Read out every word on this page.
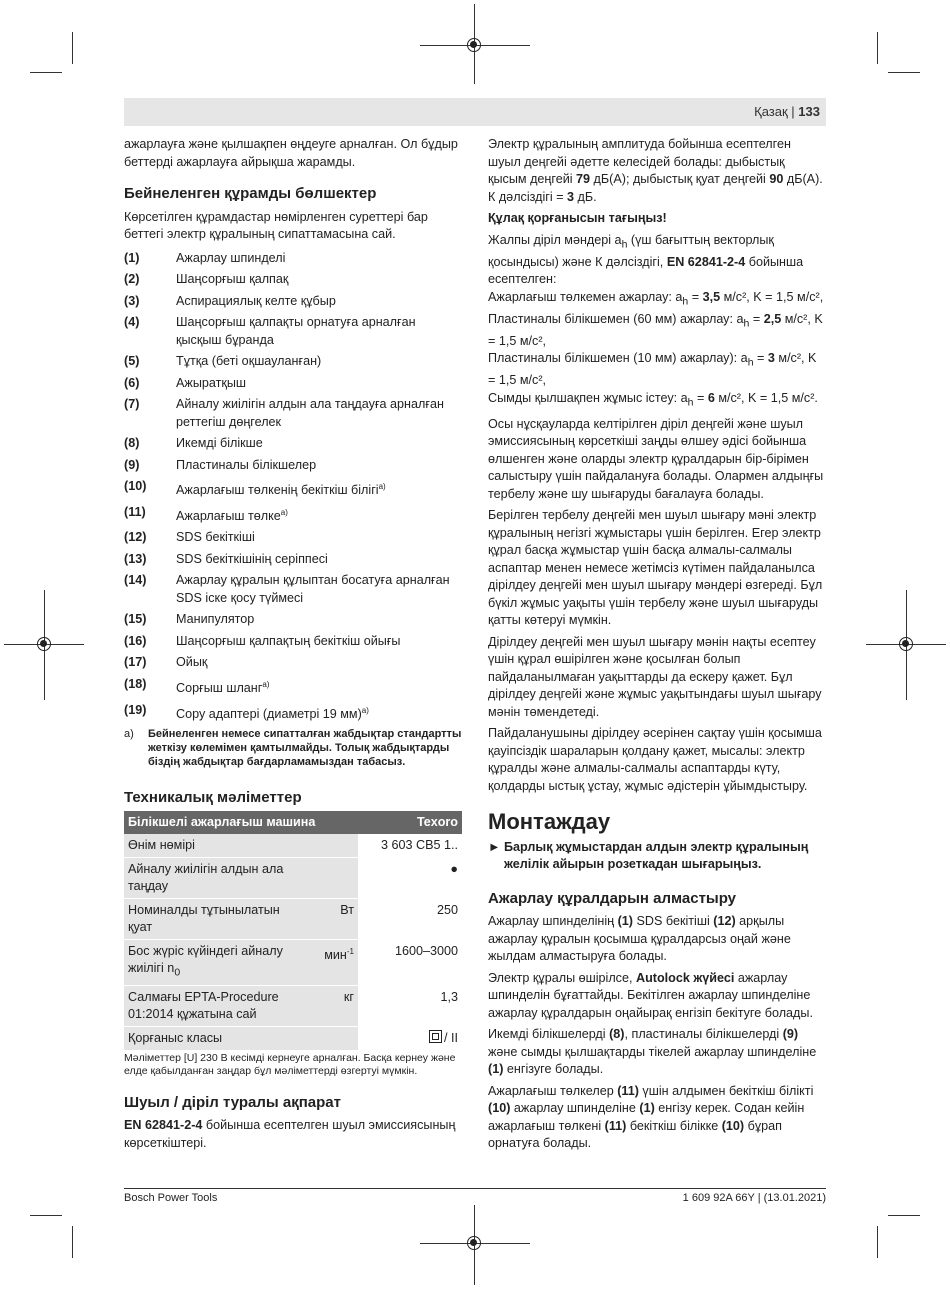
Қазақ | 133

ажарлауға және қылшақпен өңдеуге арналған. Ол бұдыр беттерді ажарлауға айрықша жарамды.

Бейнеленген құрамды бөлшектер

Көрсетілген құрамдастар нөмірленген суреттері бар беттегі электр құралының сипаттамасына сай.

(1)	Ажарлау шпинделі
(2)	Шаңсорғыш қалпақ
(3)	Аспирациялық келте құбыр
(4)	Шаңсорғыш қалпақты орнатуға арналған қысқыш бұранда
(5)	Тұтқа (беті оқшауланған)
(6)	Ажыратқыш
(7)	Айналу жиілігін алдын ала таңдауға арналған реттегіш дөңгелек
(8)	Икемді білікше
(9)	Пластиналы білікшелер
(10)	Ажарлағыш төлкенің бекіткіш білігі$^{a)}$
(11)	Ажарлағыш төлке$^{a)}$
(12)	SDS бекіткіші
(13)	SDS бекіткішінің серіппесі
(14)	Ажарлау құралын құлыптан босатуға арналған SDS іске қосу түймесі
(15)	Манипулятор
(16)	Шаңсорғыш қалпақтың бекіткіш ойығы
(17)	Ойық
(18)	Сорғыш шланг$^{a)}$
(19)	Сору адаптері (диаметрі 19 мм)$^{a)}$
a)	Бейнеленген немесе сипатталған жабдықтар стандартты жеткізу көлемімен қамтылмайды. Толық жабдықтарды біздің жабдықтар бағдарламамыздан табасыз.
Техникалық мәліметтер
Білікшелі ажарлағыш машина		Texoro
Өнім нөмірі		3 603 CB5 1..
Айналу жиілігін алдын ала таңдау		●
Номиналды тұтынылатын қуат	Вт	250
Бос жүріс күйіндегі айналу жиілігі $n_0$	мин$^{-1}$	1600–3000
Салмағы EPTA-Procedure 01:2014 құжатына сай	кг	1,3
Қорғаныс класы		/ II
Мәліметтер [U] 230 В кесімді кернеуге арналған. Басқа кернеу және елде қабылданған заңдар бұл мәліметтерді өзгертуі мүмкін.
Шуыл / діріл туралы ақпарат

EN 62841-2-4 бойынша есептелген шуыл эмиссиясының көрсеткіштері.

Электр құралының амплитуда бойынша есептелген шуыл деңгейі әдетте келесідей болады: дыбыстық қысым деңгейі 79 дБ(A); дыбыстық қуат деңгейі 90 дБ(A). К дәлсіздігі = 3 дБ.

Құлақ қорғанысын тағыңыз!

Жалпы діріл мәндері $a_h$ (үш бағыттың векторлық қосындысы) және К дәлсіздігі, EN 62841-2-4 бойынша есептелген:
Ажарлағыш төлкемен ажарлау: $a_h = 3,5$ м/с², K = 1,5 м/с²,
Пластиналы білікшемен (60 мм) ажарлау: $a_h = 2,5$ м/с², K = 1,5 м/с²,
Пластиналы білікшемен (10 мм) ажарлау): $a_h = 3$ м/с², K = 1,5 м/с²,
Сымды қылшақпен жұмыс істеу: $a_h = 6$ м/с², K = 1,5 м/с².

Осы нұсқауларда келтірілген діріл деңгейі және шуыл эмиссиясының көрсеткіші заңды өлшеу әдісі бойынша өлшенген және оларды электр құралдарын бір-бірімен салыстыру үшін пайдалануға болады. Олармен алдыңғы тербелу және шу шығаруды бағалауға болады.

Берілген тербелу деңгейі мен шуыл шығару мәні электр құралының негізгі жұмыстары үшін берілген. Егер электр құрал басқа жұмыстар үшін басқа алмалы-салмалы аспаптар менен немесе жетімсіз күтімен пайдаланылса дірілдеу деңгейі мен шуыл шығару мәндері өзгереді. Бұл бүкіл жұмыс уақыты үшін тербелу және шуыл шығаруды қатты көтеруі мүмкін.

Дірілдеу деңгейі мен шуыл шығару мәнін нақты есептеу үшін құрал өшірілген және қосылған болып пайдаланылмаған уақыттарды да ескеру қажет. Бұл дірілдеу деңгейі және жұмыс уақытындағы шуыл шығару мәнін төмендетеді.

Пайдаланушыны дірілдеу әсерінен сақтау үшін қосымша қауіпсіздік шараларын қолдану қажет, мысалы: электр құралды және алмалы-салмалы аспаптарды күту, қолдарды ыстық ұстау, жұмыс әдістерін ұйымдыстыру.

Монтаждау
► Барлық жұмыстардан алдын электр құралының желілік айырын розеткадан шығарыңыз.
Ажарлау құралдарын алмастыру

Ажарлау шпинделінің (1) SDS бекітіші (12) арқылы ажарлау құралын қосымша құралдарсыз оңай және жылдам алмастыруға болады.

Электр құралы өшірілсе, Autolock жүйесі ажарлау шпинделін бұғаттайды. Бекітілген ажарлау шпинделіне ажарлау құралдарын оңайырақ енгізіп бекітуге болады.

Икемді білікшелерді (8), пластиналы білікшелерді (9) және сымды қылшақтарды тікелей ажарлау шпинделіне (1) енгізуге болады.

Ажарлағыш төлкелер (11) үшін алдымен бекіткіш білікті (10) ажарлау шпинделіне (1) енгізу керек. Содан кейін ажарлағыш төлкені (11) бекіткіш білікке (10) бұрап орнатуға болады.

Bosch Power Tools	1 609 92A 66Y | (13.01.2021)
